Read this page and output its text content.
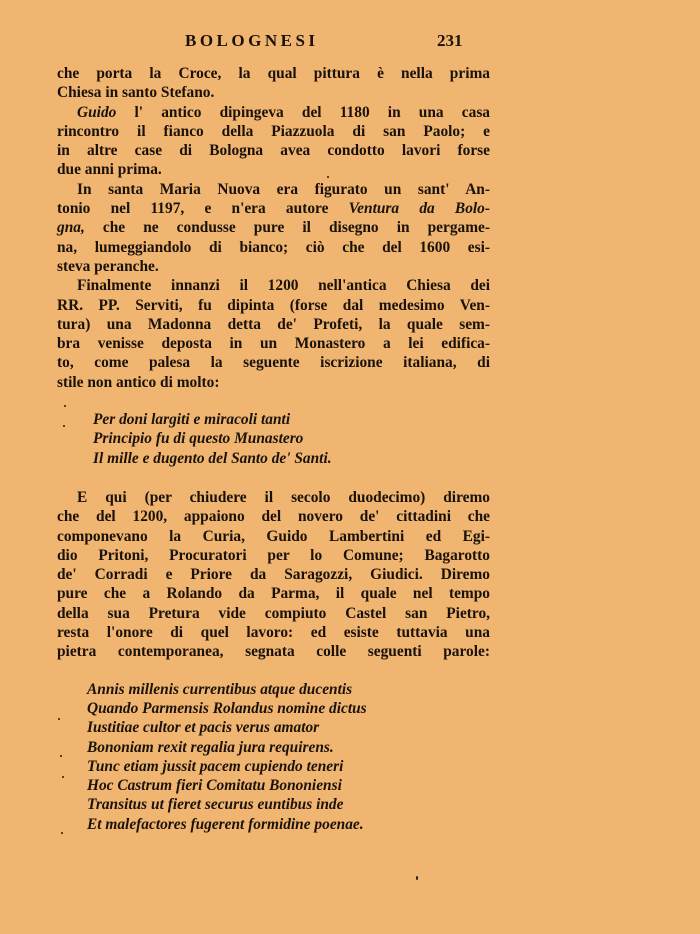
BOLOGNESI	231
che porta la Croce, la qual pittura è nella prima
Chiesa in santo Stefano.
Guido l' antico dipingeva del 1180 in una casa
rincontro il fianco della Piazzuola di san Paolo; e
in altre case di Bologna avea condotto lavori forse
due anni prima.
In santa Maria Nuova era figurato un sant' An-
tonio nel 1197, e n'era autore Ventura da Bolo-
gna, che ne condusse pure il disegno in pergame-
na, lumeggiandolo di bianco; ciò che del 1600 esi-
steva peranche.
Finalmente innanzi il 1200 nell'antica Chiesa dei
RR. PP. Serviti, fu dipinta (forse dal medesimo Ven-
tura) una Madonna detta de' Profeti, la quale sem-
bra venisse deposta in un Monastero a lei edifica-
to, come palesa la seguente iscrizione italiana, di
stile non antico di molto:
Per doni largiti e miracoli tanti
Principio fu di questo Munastero
Il mille e dugento del Santo de' Santi.
E qui (per chiudere il secolo duodecimo) diremo
che del 1200, appaiono del novero de' cittadini che
componevano la Curia, Guido Lambertini ed Egi-
dio Pritoni, Procuratori per lo Comune; Bagarotto
de' Corradi e Priore da Saragozzi, Giudici. Diremo
pure che a Rolando da Parma, il quale nel tempo
della sua Pretura vide compiuto Castel san Pietro,
resta l'onore di quel lavoro: ed esiste tuttavia una
pietra contemporanea, segnata colle seguenti parole:
Annis millenis currentibus atque ducentis
Quando Parmensis Rolandus nomine dictus
Iustitiae cultor et pacis verus amator
Bononiam rexit regalia jura requirens.
Tunc etiam jussit pacem cupiendo teneri
Hoc Castrum fieri Comitatu Bononiensi
Transitus ut fieret securus euntibus inde
Et malefactores fugerent formidine poenae.
